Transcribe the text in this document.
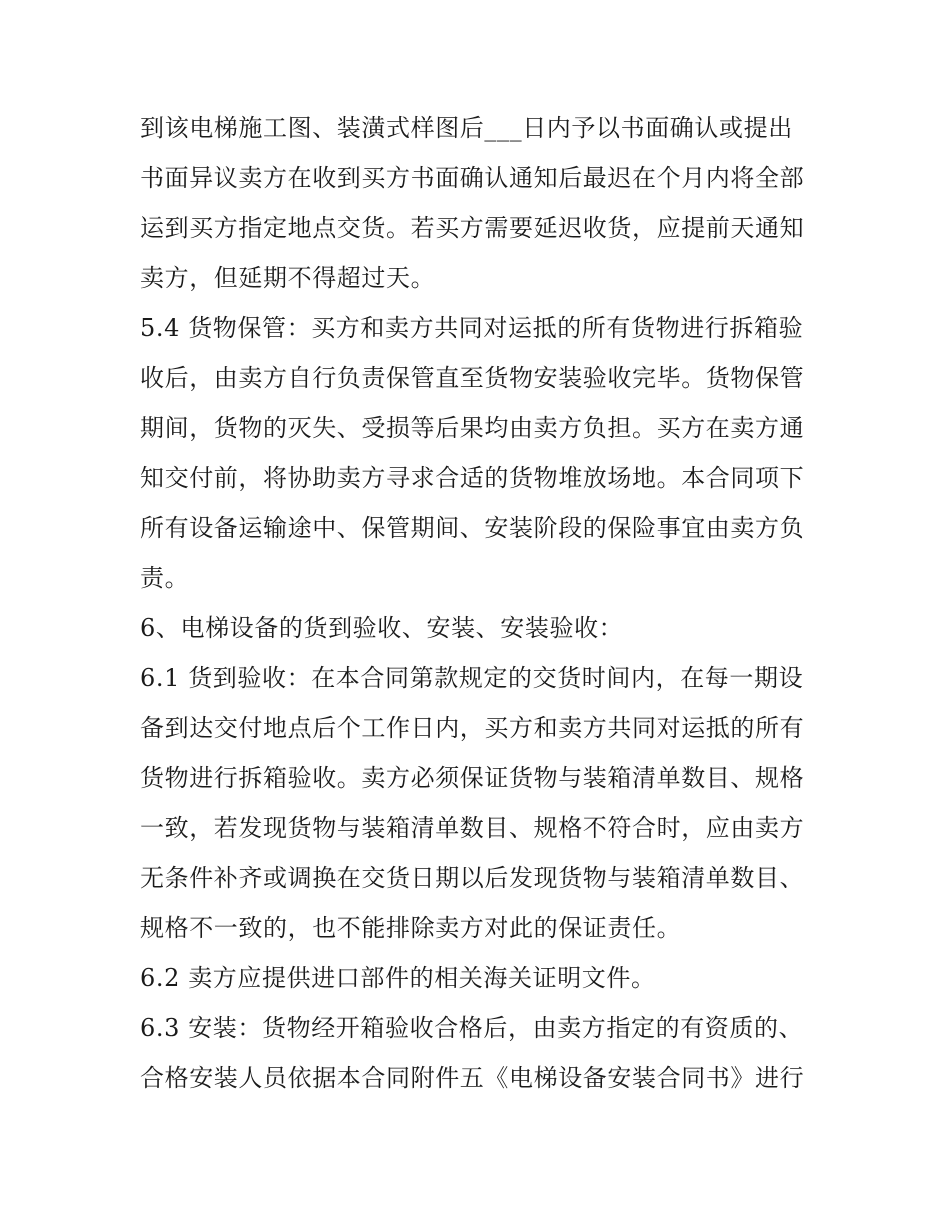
到该电梯施工图、装潢式样图后___日内予以书面确认或提出
书面异议卖方在收到买方书面确认通知后最迟在个月内将全部
运到买方指定地点交货。若买方需要延迟收货，应提前天通知
卖方，但延期不得超过天。
5.4 货物保管：买方和卖方共同对运抵的所有货物进行拆箱验
收后，由卖方自行负责保管直至货物安装验收完毕。货物保管
期间，货物的灭失、受损等后果均由卖方负担。买方在卖方通
知交付前，将协助卖方寻求合适的货物堆放场地。本合同项下
所有设备运输途中、保管期间、安装阶段的保险事宜由卖方负
责。
6、电梯设备的货到验收、安装、安装验收：
6.1 货到验收：在本合同第款规定的交货时间内，在每一期设
备到达交付地点后个工作日内，买方和卖方共同对运抵的所有
货物进行拆箱验收。卖方必须保证货物与装箱清单数目、规格
一致，若发现货物与装箱清单数目、规格不符合时，应由卖方
无条件补齐或调换在交货日期以后发现货物与装箱清单数目、
规格不一致的，也不能排除卖方对此的保证责任。
6.2 卖方应提供进口部件的相关海关证明文件。
6.3 安装：货物经开箱验收合格后，由卖方指定的有资质的、
合格安装人员依据本合同附件五《电梯设备安装合同书》进行
